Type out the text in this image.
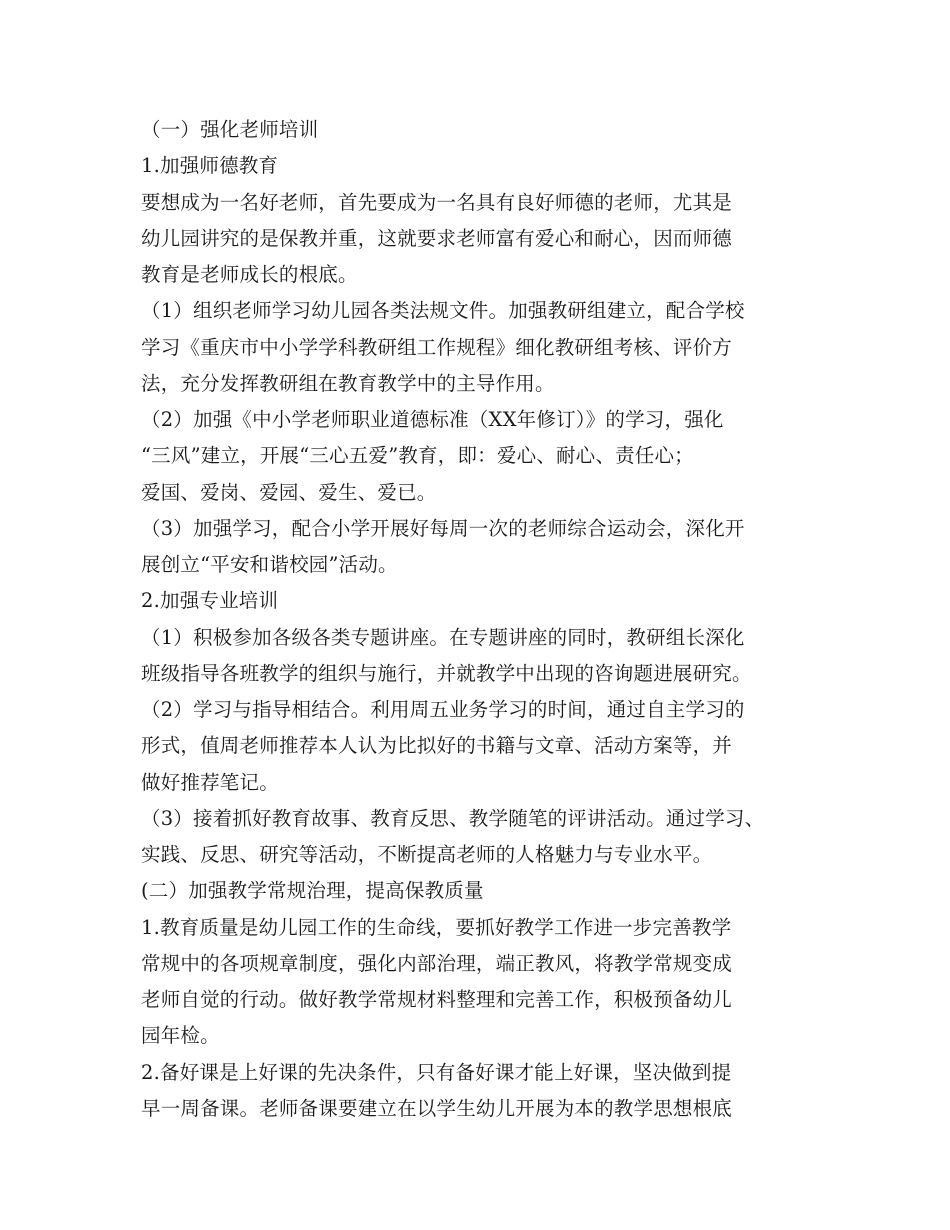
（一）强化老师培训
1.加强师德教育
要想成为一名好老师，首先要成为一名具有良好师德的老师，尤其是
幼儿园讲究的是保教并重，这就要求老师富有爱心和耐心，因而师德
教育是老师成长的根底。
（1）组织老师学习幼儿园各类法规文件。加强教研组建立，配合学校
学习《重庆市中小学学科教研组工作规程》细化教研组考核、评价方
法，充分发挥教研组在教育教学中的主导作用。
（2）加强《中小学老师职业道德标准（XX年修订）》的学习，强化
“三风”建立，开展“三心五爱”教育，即：爱心、耐心、责任心；
爱国、爱岗、爱园、爱生、爱已。
（3）加强学习，配合小学开展好每周一次的老师综合运动会，深化开
展创立“平安和谐校园”活动。
2.加强专业培训
（1）积极参加各级各类专题讲座。在专题讲座的同时，教研组长深化
班级指导各班教学的组织与施行，并就教学中出现的咨询题进展研究。
（2）学习与指导相结合。利用周五业务学习的时间，通过自主学习的
形式，值周老师推荐本人认为比拟好的书籍与文章、活动方案等，并
做好推荐笔记。
（3）接着抓好教育故事、教育反思、教学随笔的评讲活动。通过学习、
实践、反思、研究等活动，不断提高老师的人格魅力与专业水平。
(二）加强教学常规治理，提高保教质量
1.教育质量是幼儿园工作的生命线，要抓好教学工作进一步完善教学
常规中的各项规章制度，强化内部治理，端正教风，将教学常规变成
老师自觉的行动。做好教学常规材料整理和完善工作，积极预备幼儿
园年检。
2.备好课是上好课的先决条件，只有备好课才能上好课，坚决做到提
早一周备课。老师备课要建立在以学生幼儿开展为本的教学思想根底
